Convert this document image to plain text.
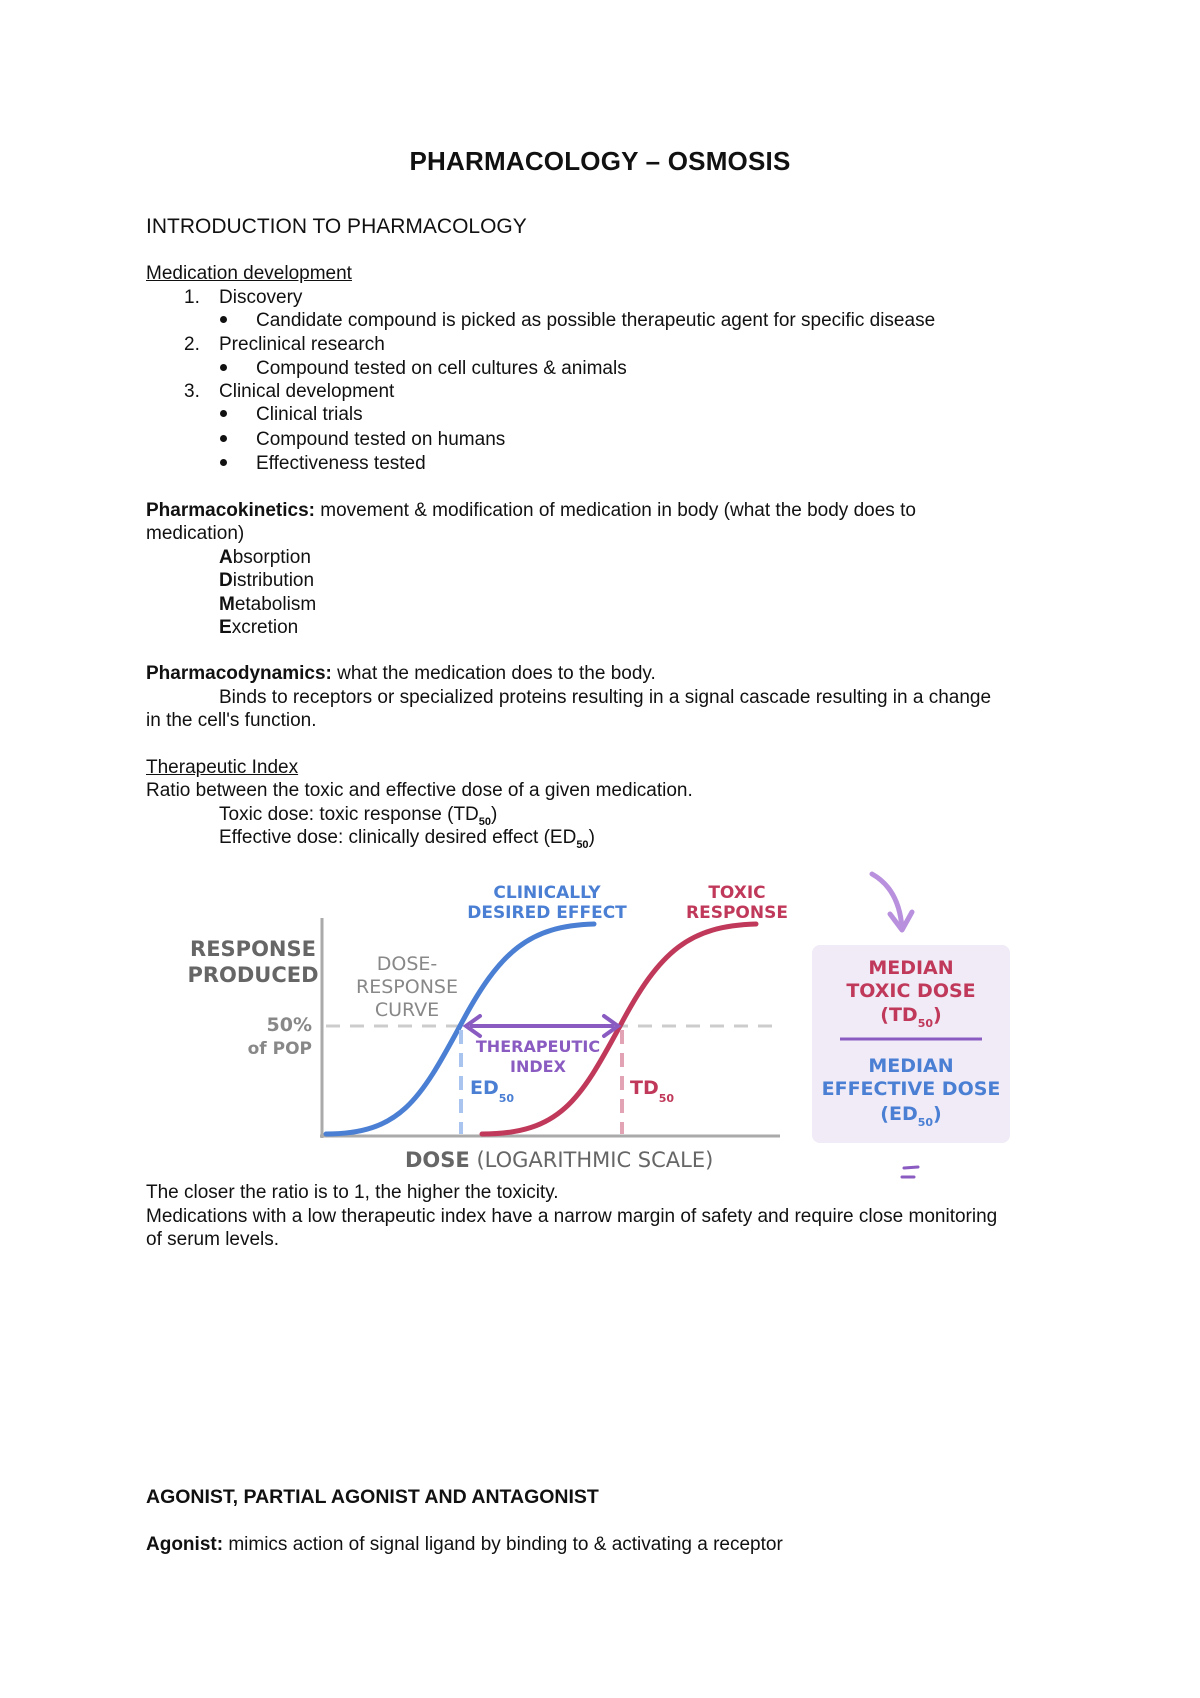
PHARMACOLOGY – OSMOSIS
INTRODUCTION TO PHARMACOLOGY
Medication development
1. Discovery
Candidate compound is picked as possible therapeutic agent for specific disease
2. Preclinical research
Compound tested on cell cultures & animals
3. Clinical development
Clinical trials
Compound tested on humans
Effectiveness tested
Pharmacokinetics: movement & modification of medication in body (what the body does to
medication)
Absorption
Distribution
Metabolism
Excretion
Pharmacodynamics: what the medication does to the body.
Binds to receptors or specialized proteins resulting in a signal cascade resulting in a change
in the cell's function.
Therapeutic Index
Ratio between the toxic and effective dose of a given medication.
Toxic dose: toxic response $(TD_{50})$
Effective dose: clinically desired effect $(ED_{50})$
RESPONSE
PRODUCED
50%
of POP
DOSE-
RESPONSE
CURVE
CLINICALLY
DESIRED EFFECT
TOXIC
RESPONSE
THERAPEUTIC
INDEX
$ED_{50}$	$TD_{50}$
DOSE (LOGARITHMIC SCALE)
MEDIAN
TOXIC DOSE
$(TD_{50})$
MEDIAN
EFFECTIVE DOSE
$(ED_{50})$
The closer the ratio is to 1, the higher the toxicity.
Medications with a low therapeutic index have a narrow margin of safety and require close monitoring
of serum levels.
AGONIST, PARTIAL AGONIST AND ANTAGONIST
Agonist: mimics action of signal ligand by binding to & activating a receptor
